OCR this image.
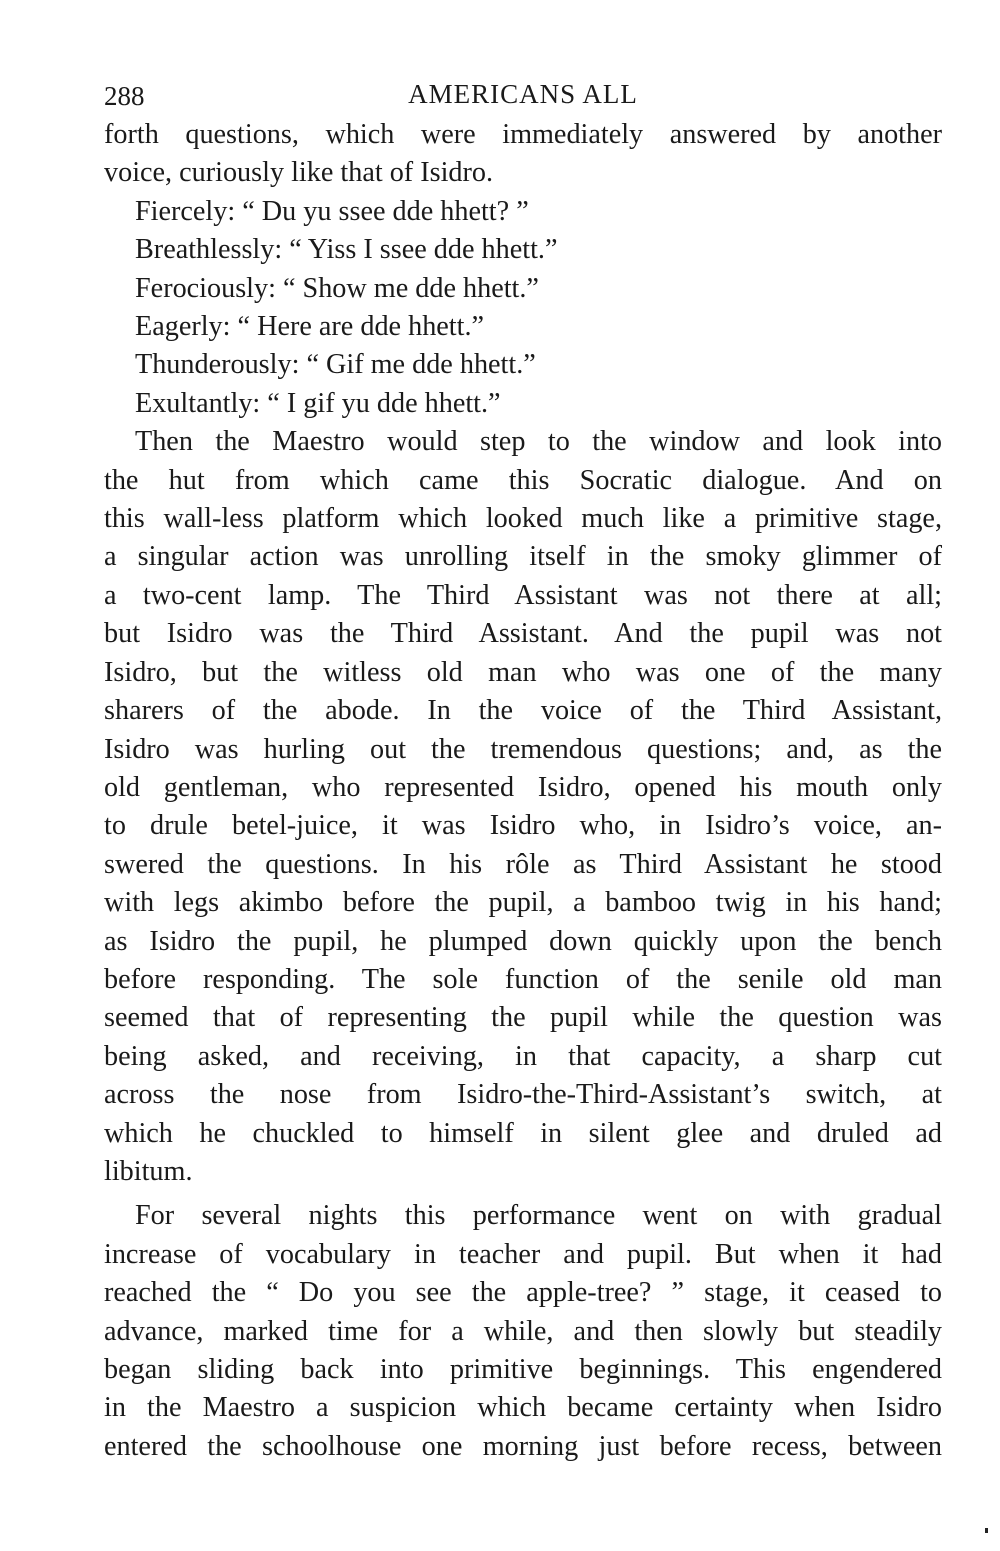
288	AMERICANS ALL
forth questions, which were immediately answered by another
voice, curiously like that of Isidro.
Fiercely: “ Du yu ssee dde hhett? ”
Breathlessly: “ Yiss I ssee dde hhett.”
Ferociously: “ Show me dde hhett.”
Eagerly: “ Here are dde hhett.”
Thunderously: “ Gif me dde hhett.”
Exultantly: “ I gif yu dde hhett.”
Then the Maestro would step to the window and look into
the hut from which came this Socratic dialogue. And on
this wall-less platform which looked much like a primitive stage,
a singular action was unrolling itself in the smoky glimmer of
a two-cent lamp. The Third Assistant was not there at all;
but Isidro was the Third Assistant. And the pupil was not
Isidro, but the witless old man who was one of the many
sharers of the abode. In the voice of the Third Assistant,
Isidro was hurling out the tremendous questions; and, as the
old gentleman, who represented Isidro, opened his mouth only
to drule betel-juice, it was Isidro who, in Isidro’s voice, an-
swered the questions. In his rôle as Third Assistant he stood
with legs akimbo before the pupil, a bamboo twig in his hand;
as Isidro the pupil, he plumped down quickly upon the bench
before responding. The sole function of the senile old man
seemed that of representing the pupil while the question was
being asked, and receiving, in that capacity, a sharp cut
across the nose from Isidro-the-Third-Assistant’s switch, at
which he chuckled to himself in silent glee and druled ad
libitum.
For several nights this performance went on with gradual
increase of vocabulary in teacher and pupil. But when it had
reached the “ Do you see the apple-tree? ” stage, it ceased to
advance, marked time for a while, and then slowly but steadily
began sliding back into primitive beginnings. This engendered
in the Maestro a suspicion which became certainty when Isidro
entered the schoolhouse one morning just before recess, between
